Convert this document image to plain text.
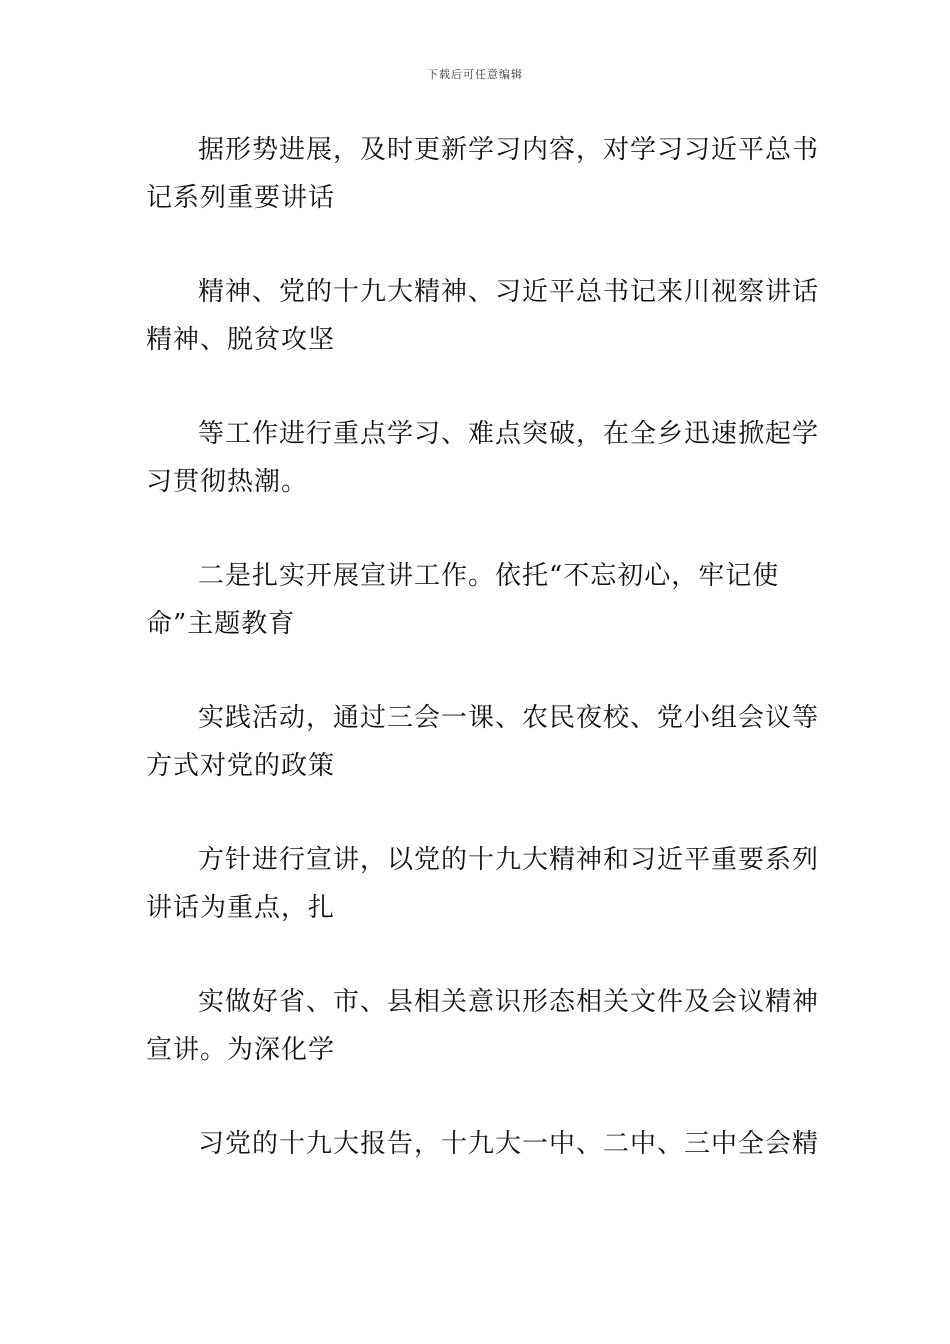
下载后可任意编辑

据形势进展，及时更新学习内容，对学习习近平总书
记系列重要讲话

精神、党的十九大精神、习近平总书记来川视察讲话
精神、脱贫攻坚

等工作进行重点学习、难点突破，在全乡迅速掀起学
习贯彻热潮。

二是扎实开展宣讲工作。依托“不忘初心，牢记使
命”主题教育

实践活动，通过三会一课、农民夜校、党小组会议等
方式对党的政策

方针进行宣讲，以党的十九大精神和习近平重要系列
讲话为重点，扎

实做好省、市、县相关意识形态相关文件及会议精神
宣讲。为深化学

习党的十九大报告，十九大一中、二中、三中全会精
